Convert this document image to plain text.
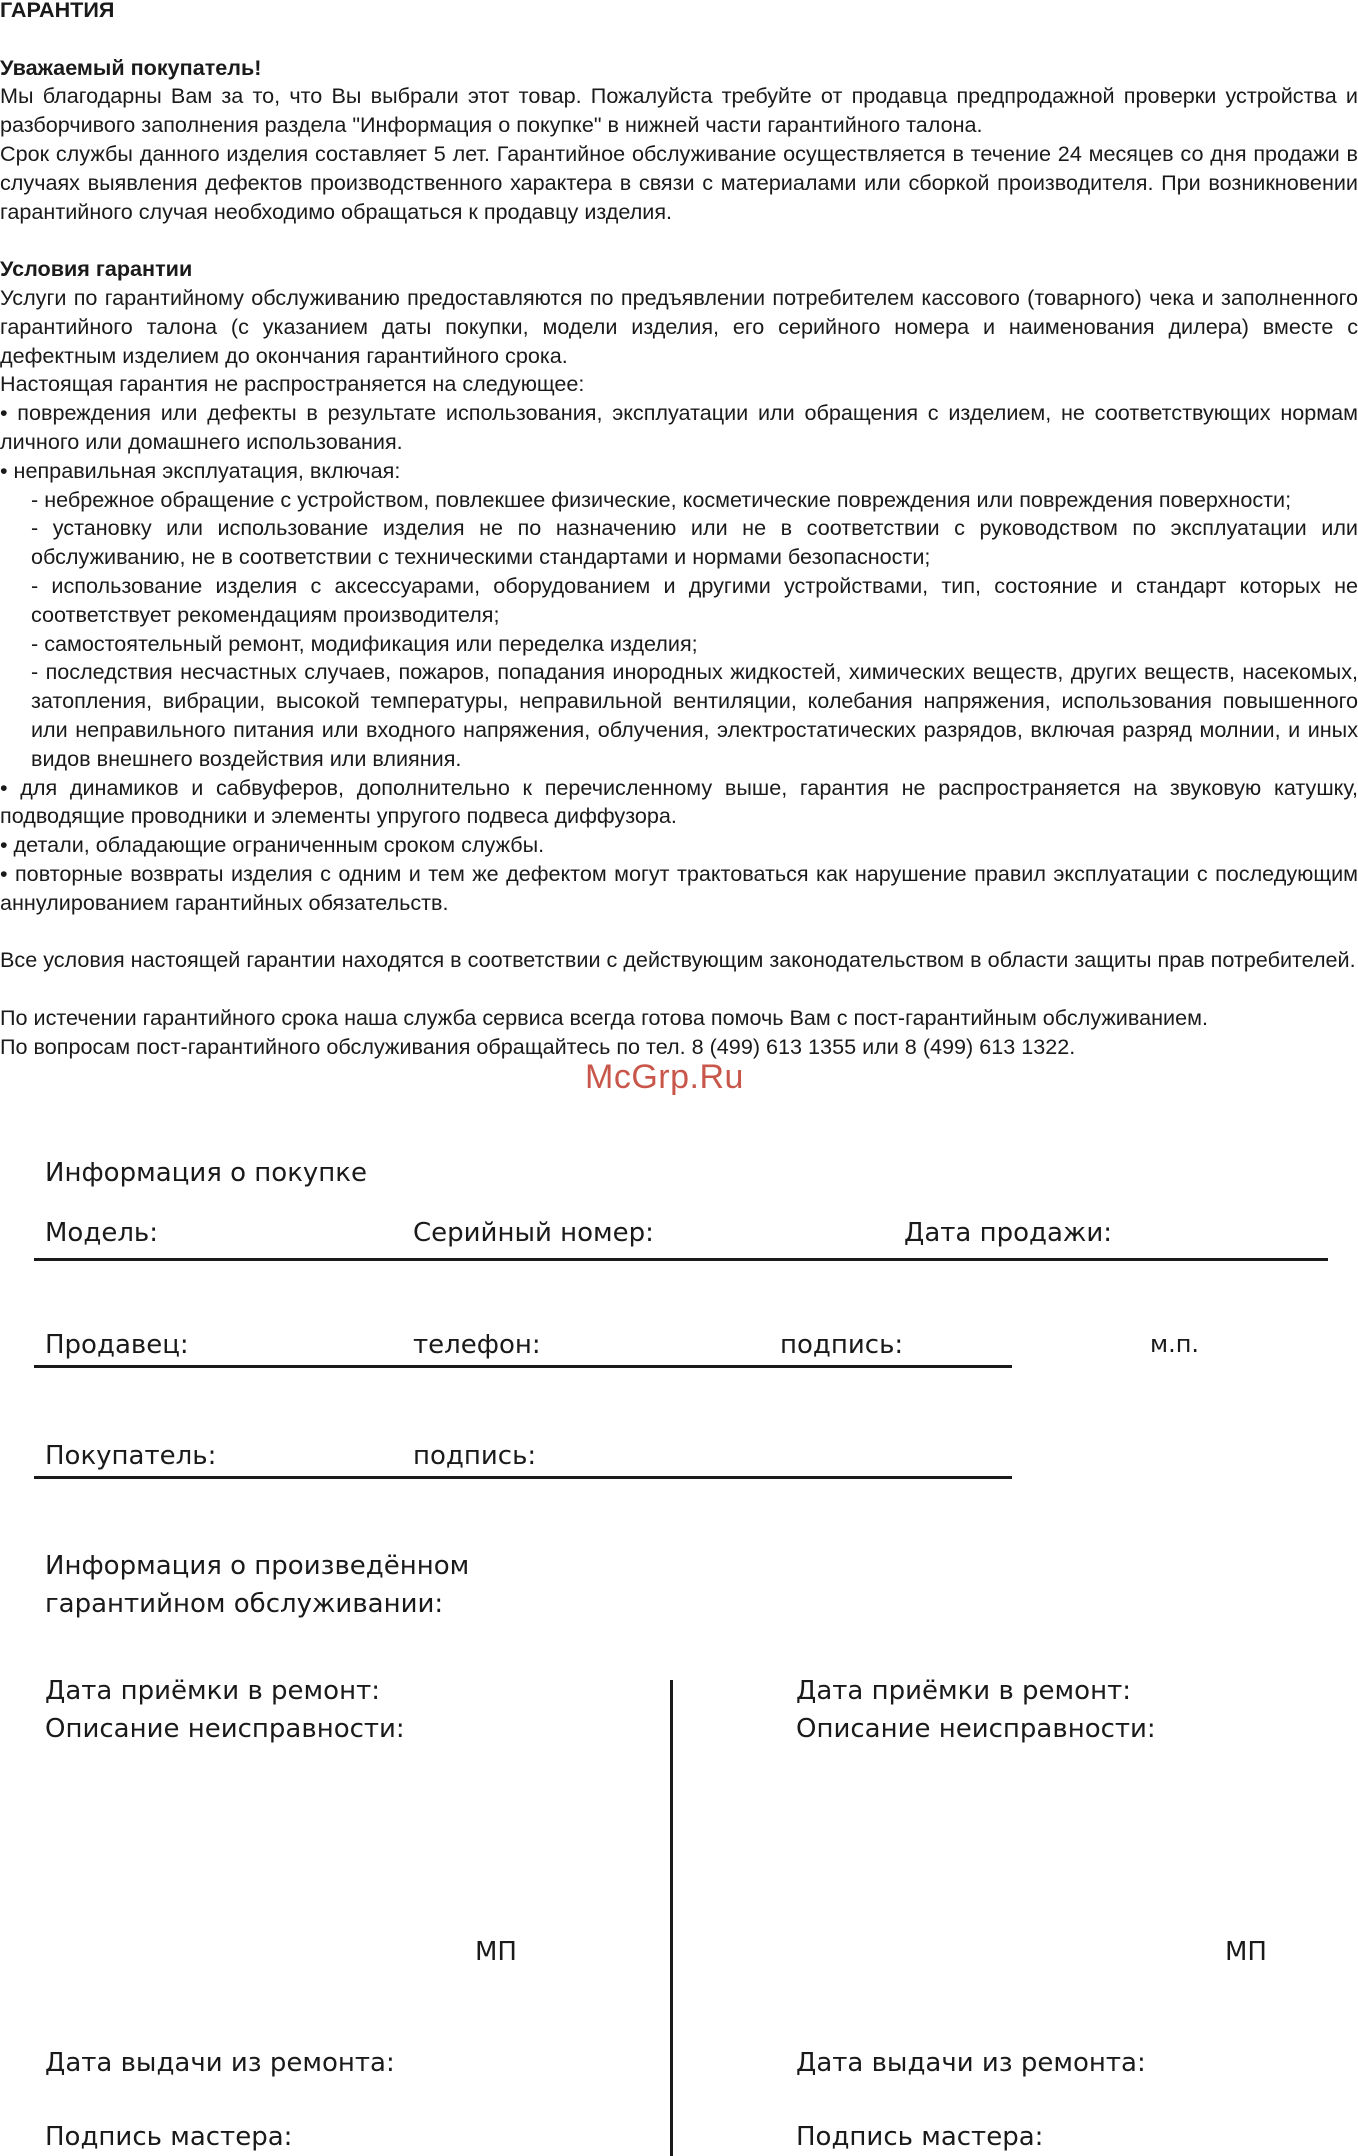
ГАРАНТИЯ

Уважаемый покупатель!

Мы благодарны Вам за то, что Вы выбрали этот товар. Пожалуйста требуйте от продавца предпродажной проверки устройства и разборчивого заполнения раздела "Информация о покупке" в нижней части гарантийного талона.

Срок службы данного изделия составляет 5 лет. Гарантийное обслуживание осуществляется в течение 24 месяцев со дня продажи в случаях выявления дефектов производственного характера в связи с материалами или сборкой производителя. При возникновении гарантийного случая необходимо обращаться к продавцу изделия.

Условия гарантии

Услуги по гарантийному обслуживанию предоставляются по предъявлении потребителем кассового (товарного) чека и заполненного гарантийного талона (с указанием даты покупки, модели изделия, его серийного номера и наименования дилера) вместе с дефектным изделием до окончания гарантийного срока.

Настоящая гарантия не распространяется на следующее:

• повреждения или дефекты в результате использования, эксплуатации или обращения с изделием, не соответствующих нормам личного или домашнего использования.

• неправильная эксплуатация, включая:

- небрежное обращение с устройством, повлекшее физические, косметические повреждения или повреждения поверхности;

- установку или использование изделия не по назначению или не в соответствии с руководством по эксплуатации или обслуживанию, не в соответствии с техническими стандартами и нормами безопасности;

- использование изделия с аксессуарами, оборудованием и другими устройствами, тип, состояние и стандарт которых не соответствует рекомендациям производителя;

- самостоятельный ремонт, модификация или переделка изделия;

- последствия несчастных случаев, пожаров, попадания инородных жидкостей, химических веществ, других веществ, насекомых, затопления, вибрации, высокой температуры, неправильной вентиляции, колебания напряжения, использования повышенного или неправильного питания или входного напряжения, облучения, электростатических разрядов, включая разряд молнии, и иных видов внешнего воздействия или влияния.

• для динамиков и сабвуферов, дополнительно к перечисленному выше, гарантия не распространяется на звуковую катушку, подводящие проводники и элементы упругого подвеса диффузора.

• детали, обладающие ограниченным сроком службы.

• повторные возвраты изделия с одним и тем же дефектом могут трактоваться как нарушение правил эксплуатации с последующим аннулированием гарантийных обязательств.

Все условия настоящей гарантии находятся в соответствии с действующим законодательством в области защиты прав потребителей.

По истечении гарантийного срока наша служба сервиса всегда готова помочь Вам с пост-гарантийным обслуживанием.

По вопросам пост-гарантийного обслуживания обращайтесь по тел. 8 (499) 613 1355 или 8 (499) 613 1322.

McGrp.Ru
Информация о покупке
Модель:	Серийный номер:	Дата продажи:
Продавец:	телефон:	подпись:	м.п.
Покупатель:	подпись:
Информация о произведённом
гарантийном обслуживании:
Дата приёмки в ремонт:
Описание неисправности:
МП
Дата выдачи из ремонта:
Подпись мастера:
Дата приёмки в ремонт:
Описание неисправности:
МП
Дата выдачи из ремонта:
Подпись мастера:
